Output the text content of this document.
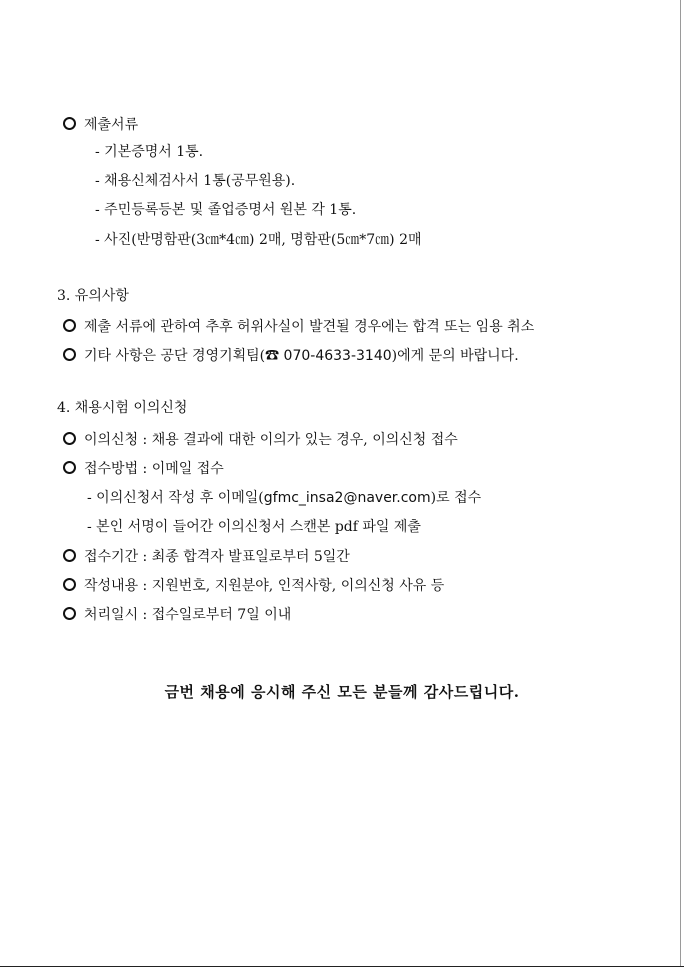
제출서류
- 기본증명서 1통.
- 채용신체검사서 1통(공무원용).
- 주민등록등본 및 졸업증명서 원본 각 1통.
- 사진(반명함판(3㎝*4㎝) 2매, 명함판(5㎝*7㎝) 2매
3. 유의사항
제출 서류에 관하여 추후 허위사실이 발견될 경우에는 합격 또는 임용 취소
기타 사항은 공단 경영기획팀(☎ 070-4633-3140)에게 문의 바랍니다.
4. 채용시험 이의신청
이의신청 : 채용 결과에 대한 이의가 있는 경우, 이의신청 접수
접수방법 : 이메일 접수
- 이의신청서 작성 후 이메일(gfmc_insa2@naver.com)로 접수
- 본인 서명이 들어간 이의신청서 스캔본 pdf 파일 제출
접수기간 : 최종 합격자 발표일로부터 5일간
작성내용 : 지원번호, 지원분야, 인적사항, 이의신청 사유 등
처리일시 : 접수일로부터 7일 이내
금번 채용에 응시해 주신 모든 분들께 감사드립니다.
